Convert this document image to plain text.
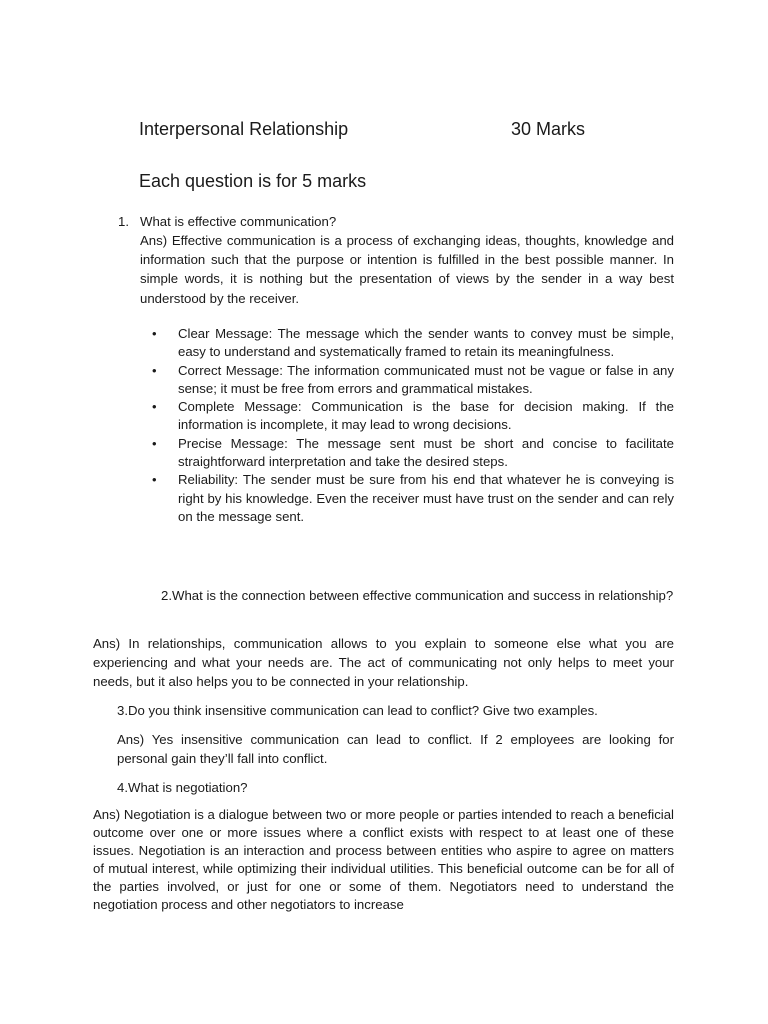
Interpersonal Relationship	30 Marks
Each question is for 5 marks
1. What is effective communication?
Ans) Effective communication is a process of exchanging ideas, thoughts, knowledge and information such that the purpose or intention is fulfilled in the best possible manner. In simple words, it is nothing but the presentation of views by the sender in a way best understood by the receiver.
• Clear Message: The message which the sender wants to convey must be simple, easy to understand and systematically framed to retain its meaningfulness.
• Correct Message: The information communicated must not be vague or false in any sense; it must be free from errors and grammatical mistakes.
• Complete Message: Communication is the base for decision making. If the information is incomplete, it may lead to wrong decisions.
• Precise Message: The message sent must be short and concise to facilitate straightforward interpretation and take the desired steps.
• Reliability: The sender must be sure from his end that whatever he is conveying is right by his knowledge. Even the receiver must have trust on the sender and can rely on the message sent.
2.What is the connection between effective communication and success in relationship?
Ans) In relationships, communication allows to you explain to someone else what you are experiencing and what your needs are. The act of communicating not only helps to meet your needs, but it also helps you to be connected in your relationship.
3.Do you think insensitive communication can lead to conflict? Give two examples.
Ans) Yes insensitive communication can lead to conflict. If 2 employees are looking for personal gain they’ll fall into conflict.
4.What is negotiation?
Ans) Negotiation is a dialogue between two or more people or parties intended to reach a beneficial outcome over one or more issues where a conflict exists with respect to at least one of these issues. Negotiation is an interaction and process between entities who aspire to agree on matters of mutual interest, while optimizing their individual utilities. This beneficial outcome can be for all of the parties involved, or just for one or some of them. Negotiators need to understand the negotiation process and other negotiators to increase
